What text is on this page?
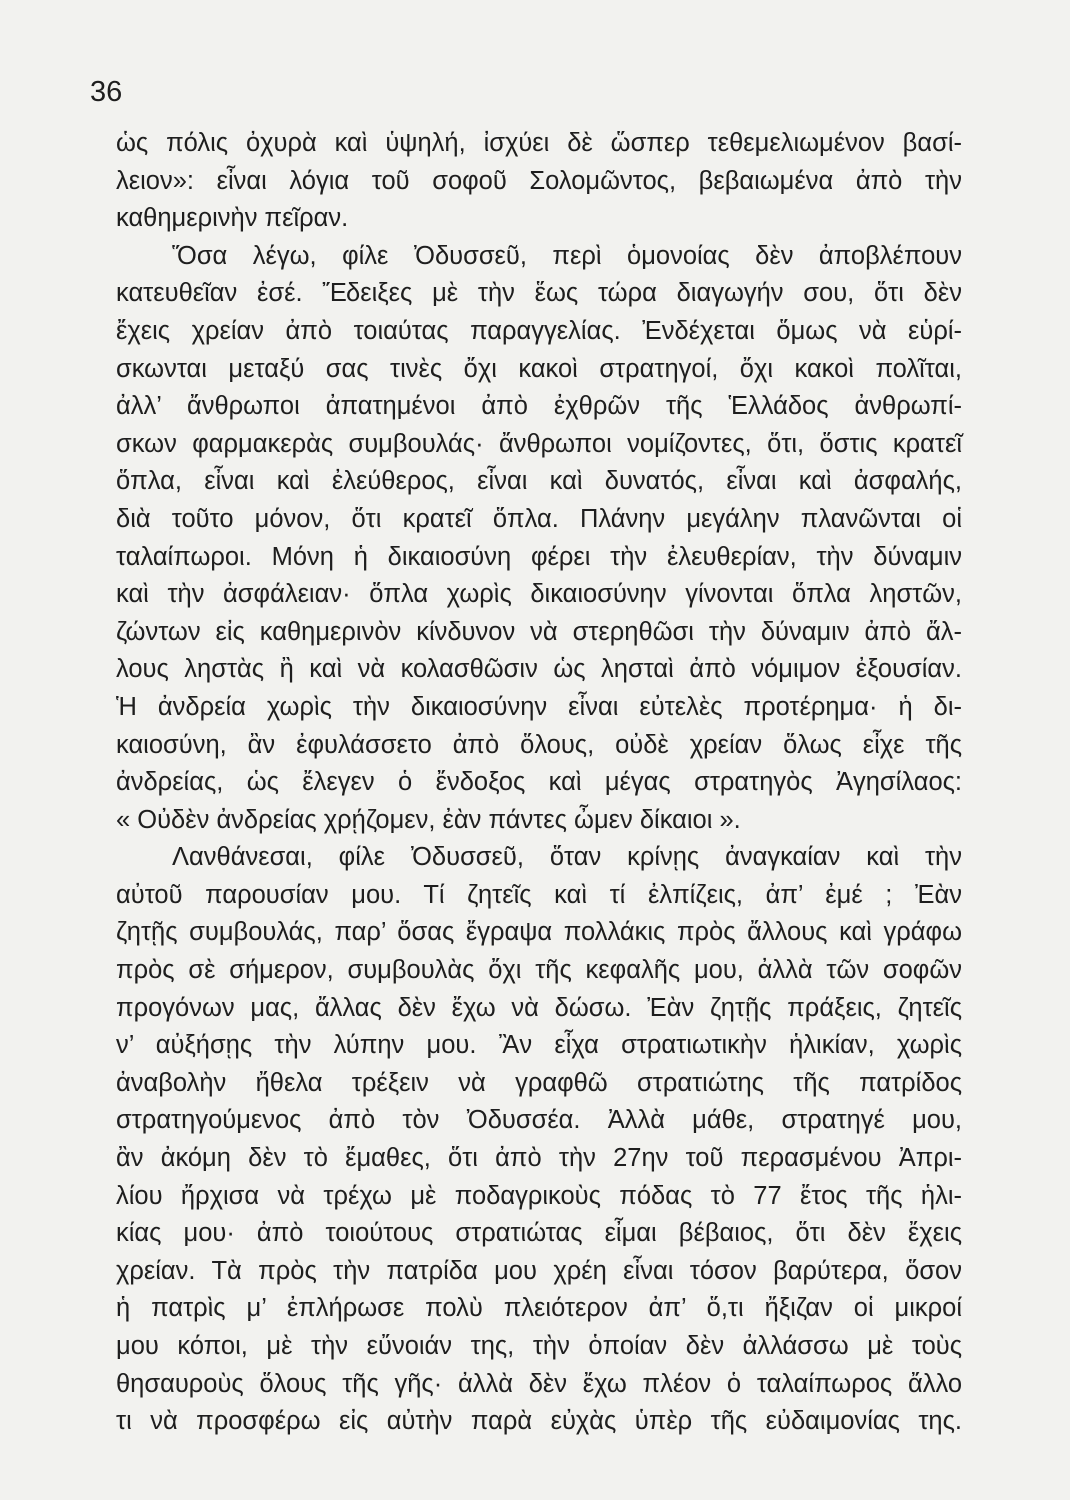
36
ὡς πόλις ὀχυρὰ καὶ ὑψηλή, ἰσχύει δὲ ὥσπερ τεθεμελιωμένον βασί-
λειον»: εἶναι λόγια τοῦ σοφοῦ Σολομῶντος, βεβαιωμένα ἀπὸ τὴν
καθημερινὴν πεῖραν.
Ὅσα λέγω, φίλε Ὀδυσσεῦ, περὶ ὁμονοίας δὲν ἀποβλέπουν
κατευθεῖαν ἐσέ. Ἔδειξες μὲ τὴν ἕως τώρα διαγωγήν σου, ὅτι δὲν
ἔχεις χρείαν ἀπὸ τοιαύτας παραγγελίας. Ἐνδέχεται ὅμως νὰ εὑρί-
σκωνται μεταξύ σας τινὲς ὄχι κακοὶ στρατηγοί, ὄχι κακοὶ πολῖται,
ἀλλ’ ἄνθρωποι ἀπατημένοι ἀπὸ ἐχθρῶν τῆς Ἑλλάδος ἀνθρωπί-
σκων φαρμακερὰς συμβουλάς· ἄνθρωποι νομίζοντες, ὅτι, ὅστις κρατεῖ
ὅπλα, εἶναι καὶ ἐλεύθερος, εἶναι καὶ δυνατός, εἶναι καὶ ἀσφαλής,
διὰ τοῦτο μόνον, ὅτι κρατεῖ ὅπλα. Πλάνην μεγάλην πλανῶνται οἱ
ταλαίπωροι. Μόνη ἡ δικαιοσύνη φέρει τὴν ἐλευθερίαν, τὴν δύναμιν
καὶ τὴν ἀσφάλειαν· ὅπλα χωρὶς δικαιοσύνην γίνονται ὅπλα ληστῶν,
ζώντων εἰς καθημερινὸν κίνδυνον νὰ στερηθῶσι τὴν δύναμιν ἀπὸ ἄλ-
λους ληστὰς ἢ καὶ νὰ κολασθῶσιν ὡς λησταὶ ἀπὸ νόμιμον ἐξουσίαν.
Ἡ ἀνδρεία χωρὶς τὴν δικαιοσύνην εἶναι εὐτελὲς προτέρημα· ἡ δι-
καιοσύνη, ἂν ἐφυλάσσετο ἀπὸ ὅλους, οὐδὲ χρείαν ὅλως εἶχε τῆς
ἀνδρείας, ὡς ἔλεγεν ὁ ἔνδοξος καὶ μέγας στρατηγὸς Ἀγησίλαος:
« Οὐδὲν ἀνδρείας χρῄζομεν, ἐὰν πάντες ὦμεν δίκαιοι ».
Λανθάνεσαι, φίλε Ὀδυσσεῦ, ὅταν κρίνῃς ἀναγκαίαν καὶ τὴν
αὐτοῦ παρουσίαν μου. Τί ζητεῖς καὶ τί ἐλπίζεις, ἀπ’ ἐμέ ; Ἐὰν
ζητῇς συμβουλάς, παρ’ ὅσας ἔγραψα πολλάκις πρὸς ἄλλους καὶ γράφω
πρὸς σὲ σήμερον, συμβουλὰς ὄχι τῆς κεφαλῆς μου, ἀλλὰ τῶν σοφῶν
προγόνων μας, ἄλλας δὲν ἔχω νὰ δώσω. Ἐὰν ζητῇς πράξεις, ζητεῖς
ν’ αὐξήσῃς τὴν λύπην μου. Ἂν εἶχα στρατιωτικὴν ἡλικίαν, χωρὶς
ἀναβολὴν ἤθελα τρέξειν νὰ γραφθῶ στρατιώτης τῆς πατρίδος
στρατηγούμενος ἀπὸ τὸν Ὀδυσσέα. Ἀλλὰ μάθε, στρατηγέ μου,
ἂν ἀκόμη δὲν τὸ ἔμαθες, ὅτι ἀπὸ τὴν 27ην τοῦ περασμένου Ἀπρι-
λίου ἤρχισα νὰ τρέχω μὲ ποδαγρικοὺς πόδας τὸ 77 ἔτος τῆς ἡλι-
κίας μου· ἀπὸ τοιούτους στρατιώτας εἶμαι βέβαιος, ὅτι δὲν ἔχεις
χρείαν. Τὰ πρὸς τὴν πατρίδα μου χρέη εἶναι τόσον βαρύτερα, ὅσον
ἡ πατρὶς μ’ ἐπλήρωσε πολὺ πλειότερον ἀπ’ ὅ,τι ἤξιζαν οἱ μικροί
μου κόποι, μὲ τὴν εὔνοιάν της, τὴν ὁποίαν δὲν ἀλλάσσω μὲ τοὺς
θησαυροὺς ὅλους τῆς γῆς· ἀλλὰ δὲν ἔχω πλέον ὁ ταλαίπωρος ἄλλο
τι νὰ προσφέρω εἰς αὐτὴν παρὰ εὐχὰς ὑπὲρ τῆς εὐδαιμονίας της.
